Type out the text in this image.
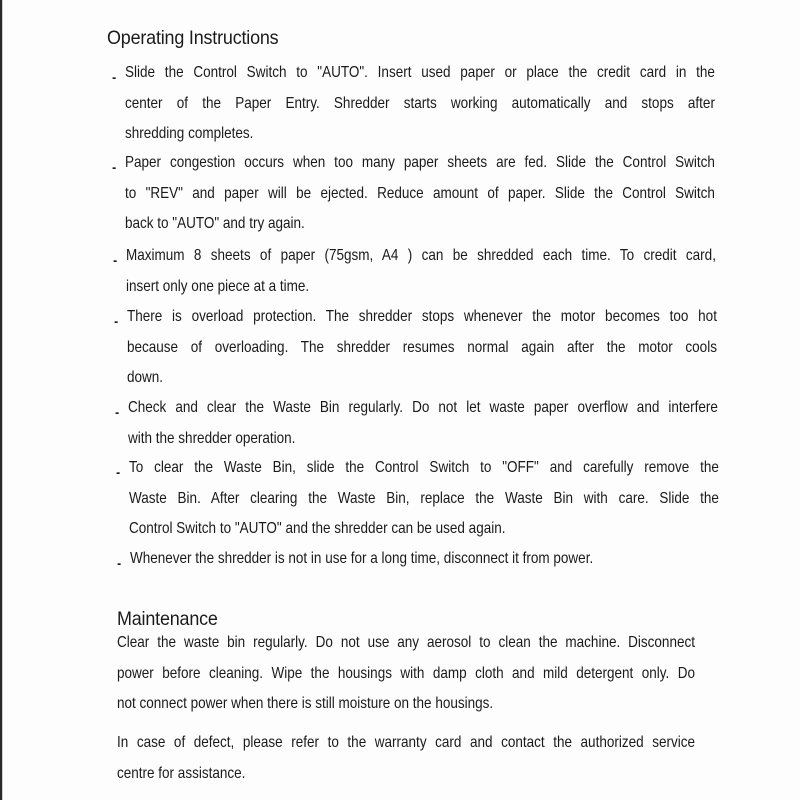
Operating Instructions
- Slide the Control Switch to "AUTO". Insert used paper or place the credit card in the
center of the Paper Entry. Shredder starts working automatically and stops after
shredding completes.
- Paper congestion occurs when too many paper sheets are fed. Slide the Control Switch
to "REV" and paper will be ejected. Reduce amount of paper. Slide the Control Switch
back to "AUTO" and try again.
- Maximum 8 sheets of paper (75gsm, A4 ) can be shredded each time. To credit card,
insert only one piece at a time.
- There is overload protection. The shredder stops whenever the motor becomes too hot
because of overloading. The shredder resumes normal again after the motor cools
down.
- Check and clear the Waste Bin regularly. Do not let waste paper overflow and interfere
with the shredder operation.
- To clear the Waste Bin, slide the Control Switch to "OFF" and carefully remove the
Waste Bin. After clearing the Waste Bin, replace the Waste Bin with care. Slide the
Control Switch to "AUTO" and the shredder can be used again.
- Whenever the shredder is not in use for a long time, disconnect it from power.
Maintenance
Clear the waste bin regularly. Do not use any aerosol to clean the machine. Disconnect
power before cleaning. Wipe the housings with damp cloth and mild detergent only. Do
not connect power when there is still moisture on the housings.
In case of defect, please refer to the warranty card and contact the authorized service
centre for assistance.
